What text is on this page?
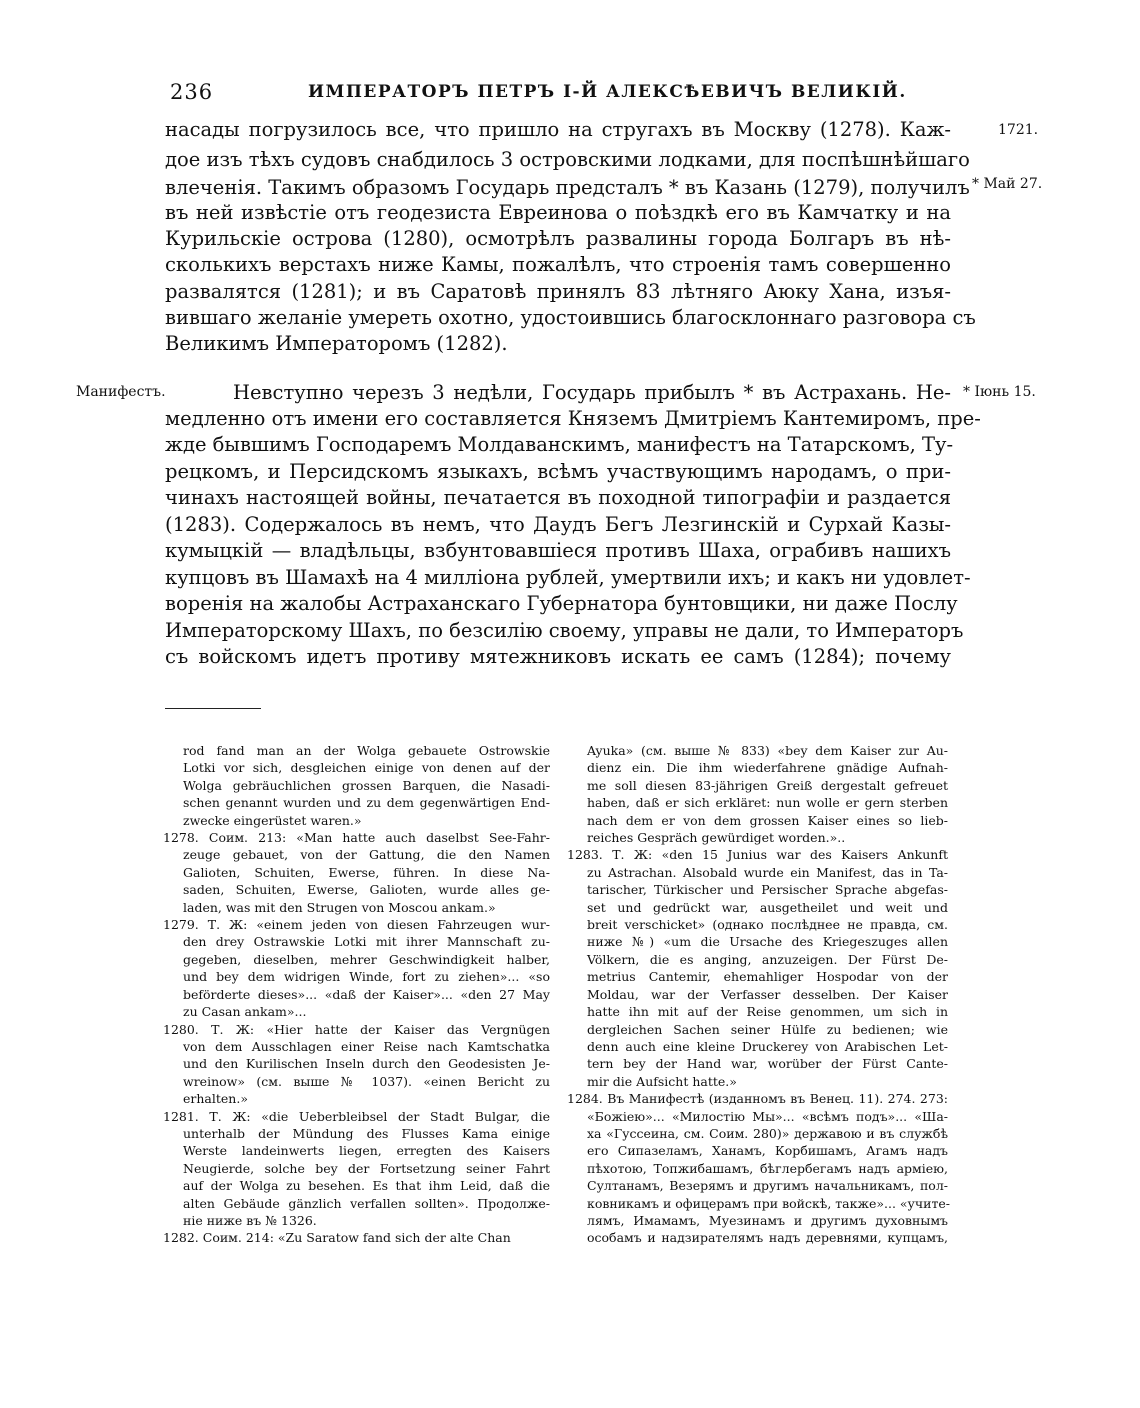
236	ИМПЕРАТОРЪ ПЕТРЪ I-Й АЛЕКСѢЕВИЧЪ ВЕЛИКІЙ.
1721.
* Май 27.
Манифестъ.	* Іюнь 15.
насады погрузилось все, что пришло на стругахъ въ Москву (1278). Каж-
дое изъ тѣхъ судовъ снабдилось 3 островскими лодками, для поспѣшнѣйшаго
влеченія. Такимъ образомъ Государь предсталъ * въ Казань (1279), получилъ
въ ней извѣстіе отъ геодезиста Евреинова о поѣздкѣ его въ Камчатку и на
Курильскіе острова (1280), осмотрѣлъ развалины города Болгаръ въ нѣ-
сколькихъ верстахъ ниже Камы, пожалѣлъ, что строенія тамъ совершенно
развалятся (1281); и въ Саратовѣ принялъ 83 лѣтняго Аюку Хана, изъя-
вившаго желаніе умереть охотно, удостоившись благосклоннаго разговора съ
Великимъ Императоромъ (1282).
Невступно черезъ 3 недѣли, Государь прибылъ * въ Астрахань. Не-
медленно отъ имени его составляется Княземъ Дмитріемъ Кантемиромъ, пре-
жде бывшимъ Господаремъ Молдаванскимъ, манифестъ на Татарскомъ, Ту-
рецкомъ, и Персидскомъ языкахъ, всѣмъ участвующимъ народамъ, о при-
чинахъ настоящей войны, печатается въ походной типографіи и раздается
(1283). Содержалось въ немъ, что Даудъ Бегъ Лезгинскій и Сурхай Казы-
кумыцкій — владѣльцы, взбунтовавшіеся противъ Шаха, ограбивъ нашихъ
купцовъ въ Шамахѣ на 4 милліона рублей, умертвили ихъ; и какъ ни удовлет-
воренія на жалобы Астраханскаго Губернатора бунтовщики, ни даже Послу
Императорскому Шахъ, по безсилію своему, управы не дали, то Императоръ
съ войскомъ идетъ противу мятежниковъ искать ее самъ (1284); почему
rod fand man an der Wolga gebauete Ostrowskie
Lotki vor sich, desgleichen einige von denen auf der
Wolga gebräuchlichen grossen Barquen, die Nasadi-
schen genannt wurden und zu dem gegenwärtigen End-
zwecke eingerüstet waren.»
1278. Соим. 213: «Man hatte auch daselbst See-Fahr-
zeuge gebauet, von der Gattung, die den Namen
Galioten, Schuiten, Ewerse, führen. In diese Na-
saden, Schuiten, Ewerse, Galioten, wurde alles ge-
laden, was mit den Strugen von Moscou ankam.»
1279. Т. Ж: «einem jeden von diesen Fahrzeugen wur-
den drey Ostrawskie Lotki mit ihrer Mannschaft zu-
gegeben, dieselben, mehrer Geschwindigkeit halber,
und bey dem widrigen Winde, fort zu ziehen»... «so
beförderte dieses»... «daß der Kaiser»... «den 27 May
zu Casan ankam»...
1280. Т. Ж: «Hier hatte der Kaiser das Vergnügen
von dem Ausschlagen einer Reise nach Kamtschatka
und den Kurilischen Inseln durch den Geodesisten Je-
wreinow» (см. выше № 1037). «einen Bericht zu
erhalten.»
1281. Т. Ж: «die Ueberbleibsel der Stadt Bulgar, die
unterhalb der Mündung des Flusses Kama einige
Werste landeinwerts liegen, erregten des Kaisers
Neugierde, solche bey der Fortsetzung seiner Fahrt
auf der Wolga zu besehen. Es that ihm Leid, daß die
alten Gebäude gänzlich verfallen sollten». Продолже-
ніе ниже въ № 1326.
1282. Соим. 214: «Zu Saratow fand sich der alte Chan
Ayuka» (см. выше № 833) «bey dem Kaiser zur Au-
dienz ein. Die ihm wiederfahrene gnädige Aufnah-
me soll diesen 83-jährigen Greiß dergestalt gefreuet
haben, daß er sich erkläret: nun wolle er gern sterben
nach dem er von dem grossen Kaiser eines so lieb-
reiches Gespräch gewürdiget worden.»..
1283. Т. Ж: «den 15 Junius war des Kaisers Ankunft
zu Astrachan. Alsobald wurde ein Manifest, das in Ta-
tarischer, Türkischer und Persischer Sprache abgefas-
set und gedrückt war, ausgetheilet und weit und
breit verschicket» (однако послѣднее не правда, см.
ниже №) «um die Ursache des Kriegeszuges allen
Völkern, die es anging, anzuzeigen. Der Fürst De-
metrius Cantemir, ehemahliger Hospodar von der
Moldau, war der Verfasser desselben. Der Kaiser
hatte ihn mit auf der Reise genommen, um sich in
dergleichen Sachen seiner Hülfe zu bedienen; wie
denn auch eine kleine Druckerey von Arabischen Let-
tern bey der Hand war, worüber der Fürst Cante-
mir die Aufsicht hatte.»
1284. Въ Манифестѣ (изданномъ въ Венец. 11). 274. 273:
«Божіею»... «Милостію Мы»... «всѣмъ подъ»... «Ша-
ха «Гуссеина, см. Соим. 280)» державою и въ службѣ
его Сипазеламъ, Ханамъ, Корбишамъ, Агамъ надъ
пѣхотою, Топжибашамъ, бѣглербегамъ надъ арміею,
Султанамъ, Везерямъ и другимъ начальникамъ, пол-
ковникамъ и офицерамъ при войскѣ, также»... «учите-
лямъ, Имамамъ, Муезинамъ и другимъ духовнымъ
особамъ и надзирателямъ надъ деревнями, купцамъ,
